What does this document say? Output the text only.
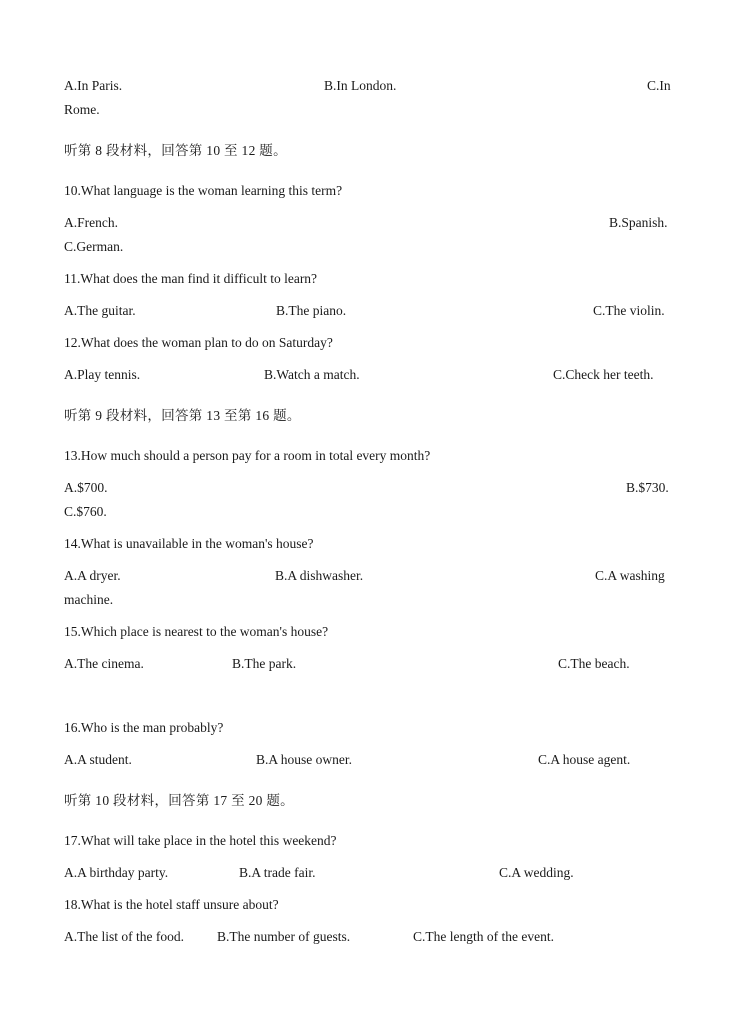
A.In Paris.	B.In London.	C.In
Rome.
听第 8 段材料，回答第 10 至 12 题。
10.What language is the woman learning this term?
A.French.	B.Spanish.
C.German.
11.What does the man find it difficult to learn?
A.The guitar.	B.The piano.	C.The violin.
12.What does the woman plan to do on Saturday?
A.Play tennis.	B.Watch a match.	C.Check her teeth.
听第 9 段材料，回答第 13 至第 16 题。
13.How much should a person pay for a room in total every month?
A.$700.	B.$730.
C.$760.
14.What is unavailable in the woman's house?
A.A dryer.	B.A dishwasher.	C.A washing
machine.
15.Which place is nearest to the woman's house?
A.The cinema.	B.The park.	C.The beach.
16.Who is the man probably?
A.A student.	B.A house owner.	C.A house agent.
听第 10 段材料，回答第 17 至 20 题。
17.What will take place in the hotel this weekend?
A.A birthday party.	B.A trade fair.	C.A wedding.
18.What is the hotel staff unsure about?
A.The list of the food. B.The number of guests.	C.The length of the event.
